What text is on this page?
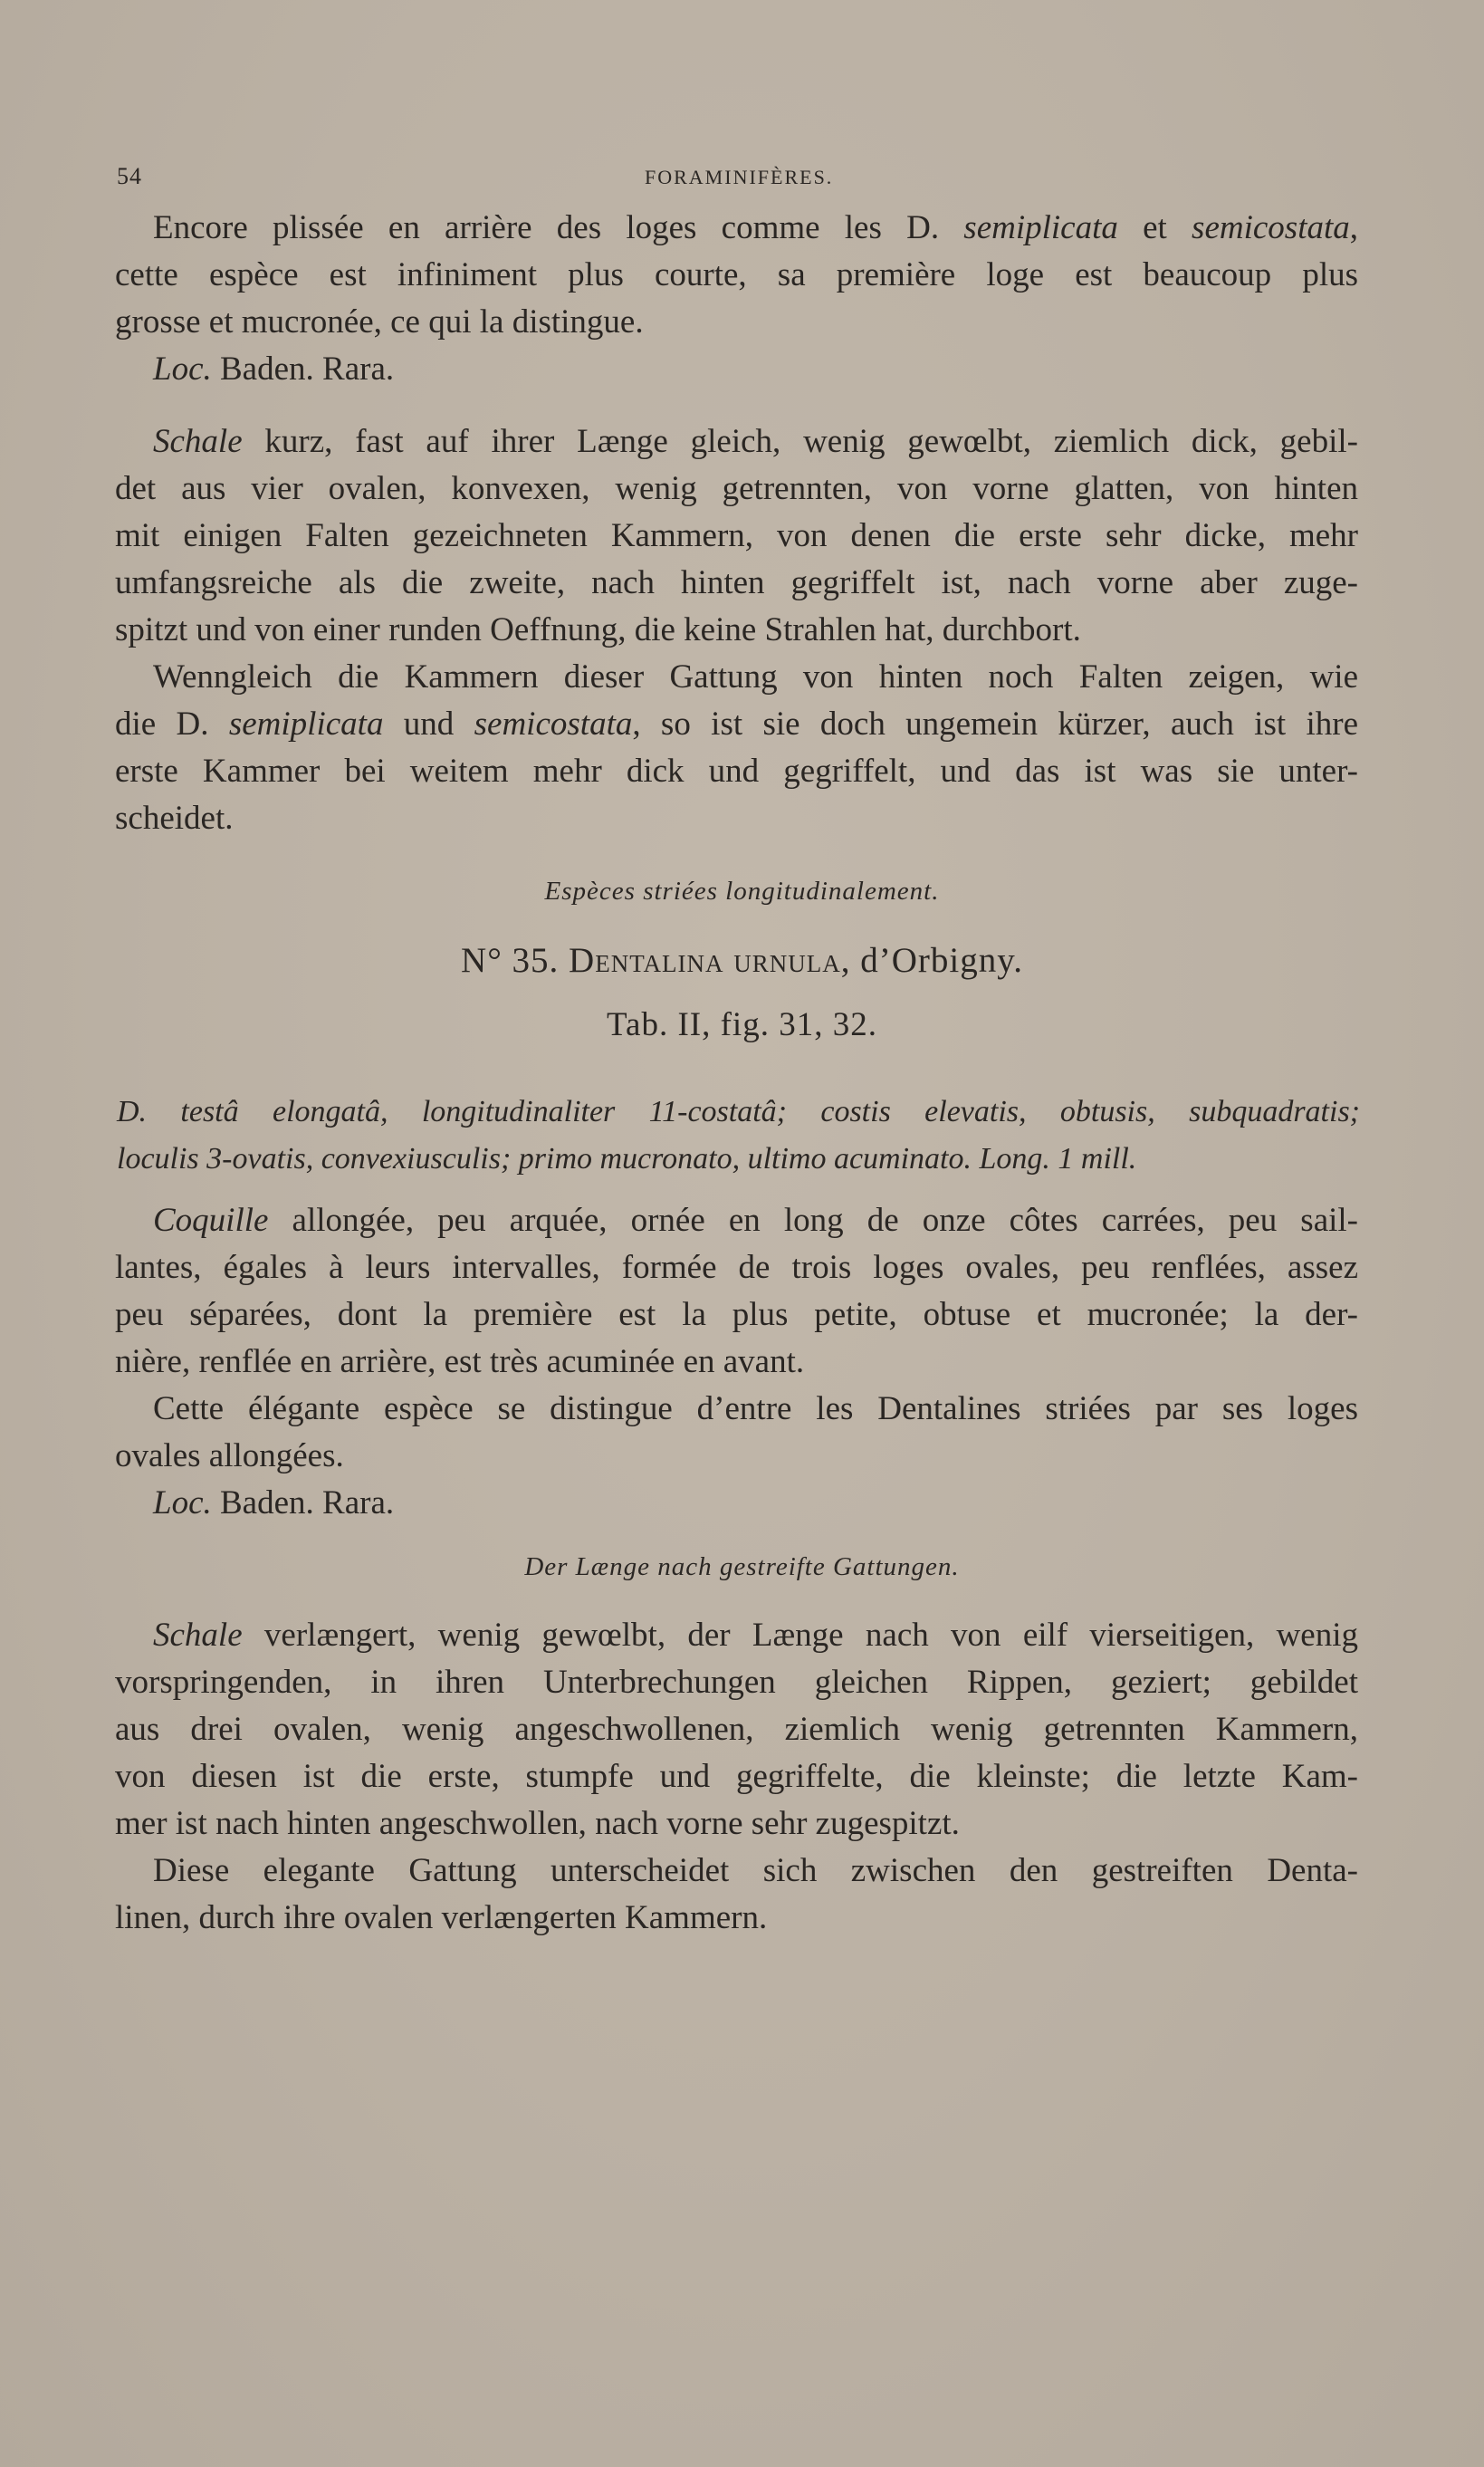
54	FORAMINIFÈRES.
Encore plissée en arrière des loges comme les D. semiplicata et semicostata,
cette espèce est infiniment plus courte, sa première loge est beaucoup plus
grosse et mucronée, ce qui la distingue.
Loc. Baden. Rara.
Schale kurz, fast auf ihrer Længe gleich, wenig gewœlbt, ziemlich dick, gebil-
det aus vier ovalen, konvexen, wenig getrennten, von vorne glatten, von hinten
mit einigen Falten gezeichneten Kammern, von denen die erste sehr dicke, mehr
umfangsreiche als die zweite, nach hinten gegriffelt ist, nach vorne aber zuge-
spitzt und von einer runden Oeffnung, die keine Strahlen hat, durchbort.
Wenngleich die Kammern dieser Gattung von hinten noch Falten zeigen, wie
die D. semiplicata und semicostata, so ist sie doch ungemein kürzer, auch ist ihre
erste Kammer bei weitem mehr dick und gegriffelt, und das ist was sie unter-
scheidet.
Espèces striées longitudinalement.
N° 35. Dentalina urnula, d’Orbigny.
Tab. II, fig. 31, 32.
D. testâ elongatâ, longitudinaliter 11-costatâ; costis elevatis, obtusis, subquadratis;
loculis 3-ovatis, convexiusculis; primo mucronato, ultimo acuminato. Long. 1 mill.
Coquille allongée, peu arquée, ornée en long de onze côtes carrées, peu sail-
lantes, égales à leurs intervalles, formée de trois loges ovales, peu renflées, assez
peu séparées, dont la première est la plus petite, obtuse et mucronée; la der-
nière, renflée en arrière, est très acuminée en avant.
Cette élégante espèce se distingue d’entre les Dentalines striées par ses loges
ovales allongées.
Loc. Baden. Rara.
Der Længe nach gestreifte Gattungen.
Schale verlængert, wenig gewœlbt, der Længe nach von eilf vierseitigen, wenig
vorspringenden, in ihren Unterbrechungen gleichen Rippen, geziert; gebildet
aus drei ovalen, wenig angeschwollenen, ziemlich wenig getrennten Kammern,
von diesen ist die erste, stumpfe und gegriffelte, die kleinste; die letzte Kam-
mer ist nach hinten angeschwollen, nach vorne sehr zugespitzt.
Diese elegante Gattung unterscheidet sich zwischen den gestreiften Denta-
linen, durch ihre ovalen verlængerten Kammern.
